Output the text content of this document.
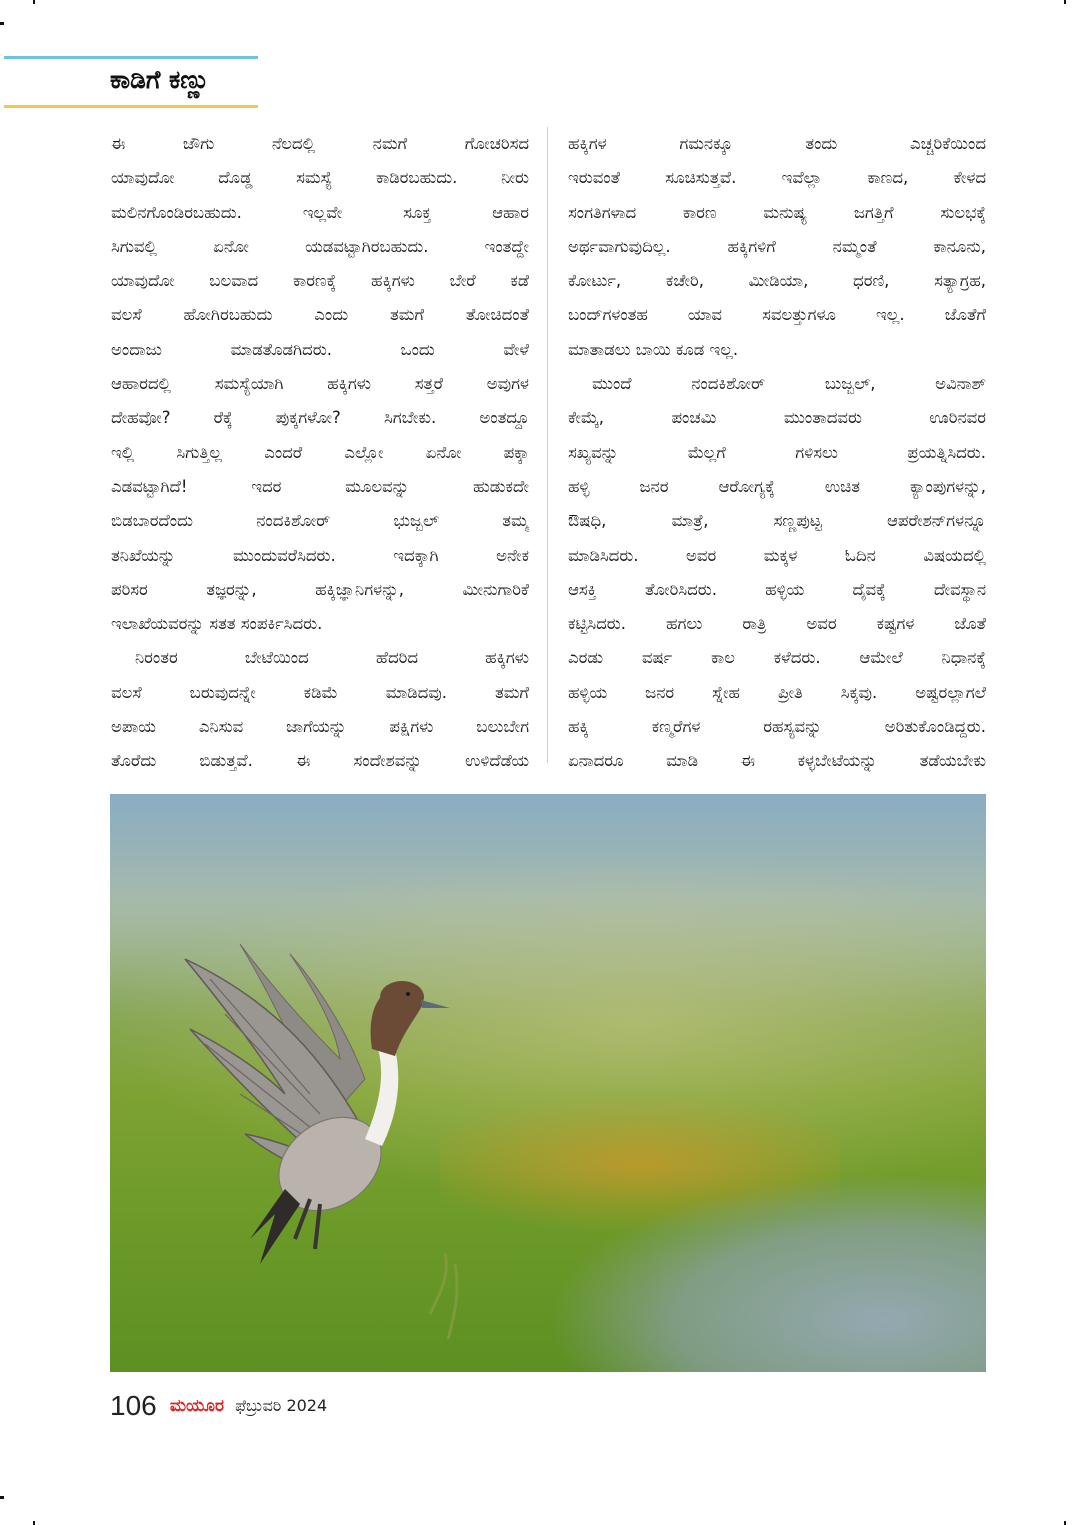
ಕಾಡಿಗೆ ಕಣ್ಣು
ಈ ಜೌಗು ನೆಲದಲ್ಲಿ ನಮಗೆ ಗೋಚರಿಸದ
ಯಾವುದೋ ದೊಡ್ಡ ಸಮಸ್ಯೆ ಕಾಡಿರಬಹುದು. ನೀರು
ಮಲಿನಗೊಂಡಿರಬಹುದು. ಇಲ್ಲವೇ ಸೂಕ್ತ ಆಹಾರ
ಸಿಗುವಲ್ಲಿ ಏನೋ ಯಡವಟ್ಟಾಗಿರಬಹುದು. ಇಂತದ್ದೇ
ಯಾವುದೋ ಬಲವಾದ ಕಾರಣಕ್ಕೆ ಹಕ್ಕಿಗಳು ಬೇರೆ ಕಡೆ
ವಲಸೆ ಹೋಗಿರಬಹುದು ಎಂದು ತಮಗೆ ತೋಚಿದಂತೆ
ಅಂದಾಜು ಮಾಡತೊಡಗಿದರು. ಒಂದು ವೇಳೆ
ಆಹಾರದಲ್ಲಿ ಸಮಸ್ಯೆಯಾಗಿ ಹಕ್ಕಿಗಳು ಸತ್ತರೆ ಅವುಗಳ
ದೇಹವೋ? ರೆಕ್ಕೆ ಪುಕ್ಕಗಳೋ? ಸಿಗಬೇಕು. ಅಂತದ್ದೂ
ಇಲ್ಲಿ ಸಿಗುತ್ತಿಲ್ಲ ಎಂದರೆ ಎಲ್ಲೋ ಏನೋ ಪಕ್ಕಾ
ಎಡವಟ್ಟಾಗಿದೆ! ಇದರ ಮೂಲವನ್ನು ಹುಡುಕದೇ
ಬಿಡಬಾರದೆಂದು ನಂದಕಿಶೋರ್ ಭುಜ್ಬಲ್ ತಮ್ಮ
ತನಿಖೆಯನ್ನು ಮುಂದುವರೆಸಿದರು. ಇದಕ್ಕಾಗಿ ಅನೇಕ
ಪರಿಸರ ತಜ್ಞರನ್ನು, ಹಕ್ಕಿಜ್ಞಾನಿಗಳನ್ನು, ಮೀನುಗಾರಿಕೆ
ಇಲಾಖೆಯವರನ್ನು ಸತತ ಸಂಪರ್ಕಿಸಿದರು.
ನಿರಂತರ ಬೇಟೆಯಿಂದ ಹೆದರಿದ ಹಕ್ಕಿಗಳು
ವಲಸೆ ಬರುವುದನ್ನೇ ಕಡಿಮೆ ಮಾಡಿದವು. ತಮಗೆ
ಅಪಾಯ ಎನಿಸುವ ಜಾಗೆಯನ್ನು ಪಕ್ಷಿಗಳು ಬಲುಬೇಗ
ತೊರೆದು ಬಿಡುತ್ತವೆ. ಈ ಸಂದೇಶವನ್ನು ಉಳಿದೆಡೆಯ
ಹಕ್ಕಿಗಳ ಗಮನಕ್ಕೂ ತಂದು ಎಚ್ಚರಿಕೆಯಿಂದ
ಇರುವಂತೆ ಸೂಚಿಸುತ್ತವೆ. ಇವೆಲ್ಲಾ ಕಾಣದ, ಕೇಳದ
ಸಂಗತಿಗಳಾದ ಕಾರಣ ಮನುಷ್ಯ ಜಗತ್ತಿಗೆ ಸುಲಭಕ್ಕೆ
ಅರ್ಥವಾಗುವುದಿಲ್ಲ. ಹಕ್ಕಿಗಳಿಗೆ ನಮ್ಮಂತೆ ಕಾನೂನು,
ಕೋರ್ಟು, ಕಚೇರಿ, ಮೀಡಿಯಾ, ಧರಣಿ, ಸತ್ಯಾಗ್ರಹ,
ಬಂದ್‌ಗಳಂತಹ ಯಾವ ಸವಲತ್ತುಗಳೂ ಇಲ್ಲ. ಜೊತೆಗೆ
ಮಾತಾಡಲು ಬಾಯಿ ಕೂಡ ಇಲ್ಲ.
ಮುಂದೆ ನಂದಕಿಶೋರ್ ಬುಜ್ಬಲ್, ಅವಿನಾಶ್
ಕೇಮ್ಕೆ, ಪಂಚಮಿ ಮುಂತಾದವರು ಊರಿನವರ
ಸಖ್ಯವನ್ನು ಮೆಲ್ಲಗೆ ಗಳಿಸಲು ಪ್ರಯತ್ನಿಸಿದರು.
ಹಳ್ಳಿ ಜನರ ಆರೋಗ್ಯಕ್ಕೆ ಉಚಿತ ಕ್ಯಾಂಪುಗಳನ್ನು,
ಔಷಧಿ, ಮಾತ್ರೆ, ಸಣ್ಣಪುಟ್ಟ ಆಪರೇಶನ್‌ಗಳನ್ನೂ
ಮಾಡಿಸಿದರು. ಅವರ ಮಕ್ಕಳ ಓದಿನ ವಿಷಯದಲ್ಲಿ
ಆಸಕ್ತಿ ತೋರಿಸಿದರು. ಹಳ್ಳಿಯ ದೈವಕ್ಕೆ ದೇವಸ್ಥಾನ
ಕಟ್ಟಿಸಿದರು. ಹಗಲು ರಾತ್ರಿ ಅವರ ಕಷ್ಟಗಳ ಜೊತೆ
ಎರಡು ವರ್ಷ ಕಾಲ ಕಳೆದರು. ಆಮೇಲೆ ನಿಧಾನಕ್ಕೆ
ಹಳ್ಳಿಯ ಜನರ ಸ್ನೇಹ ಪ್ರೀತಿ ಸಿಕ್ಕವು. ಅಷ್ಟರಲ್ಲಾಗಲೆ
ಹಕ್ಕಿ ಕಣ್ಮರೆಗಳ ರಹಸ್ಯವನ್ನು ಅರಿತುಕೊಂಡಿದ್ದರು.
ಏನಾದರೂ ಮಾಡಿ ಈ ಕಳ್ಳಬೇಟೆಯನ್ನು ತಡೆಯಬೇಕು
106 ಮಯೂರ ಫೆಬ್ರುವರಿ 2024
